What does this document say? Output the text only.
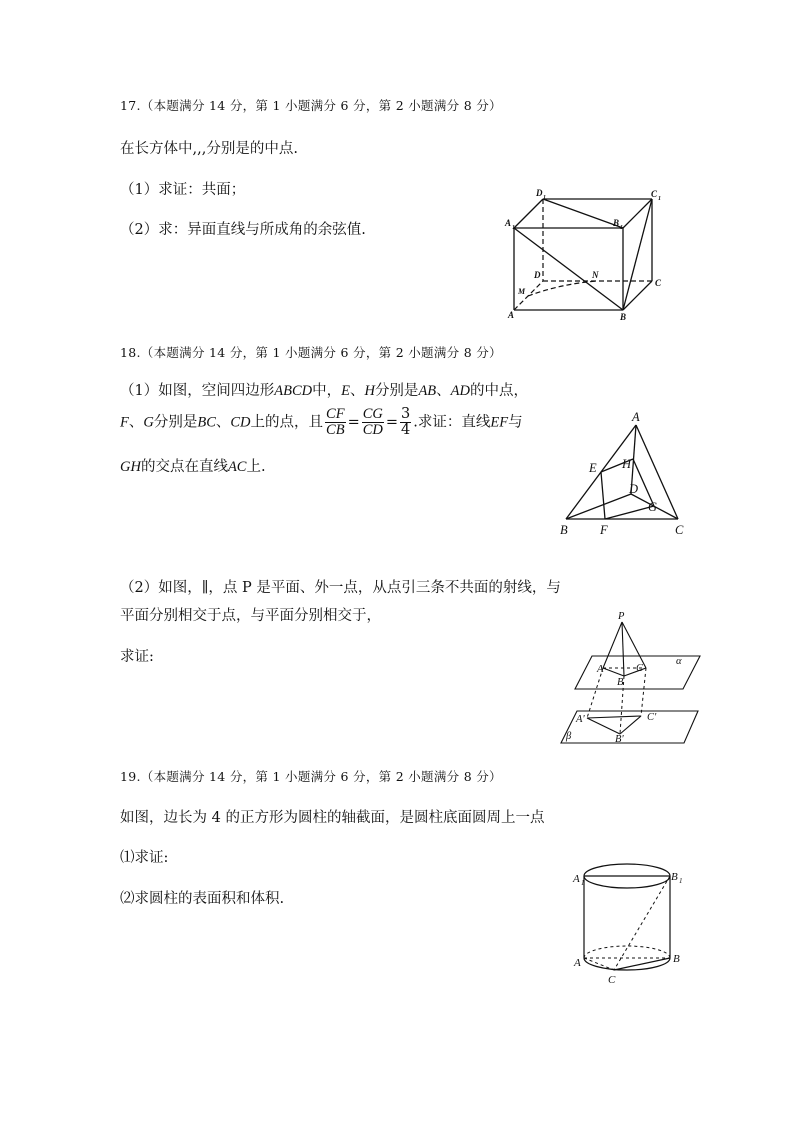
17.（本题满分 14 分，第 1 小题满分 6 分，第 2 小题满分 8 分）
在长方体中,,,分别是的中点.
（1）求证：共面；
（2）求：异面直线与所成角的余弦值.
D 1	C 1
A 1	B 1
D	N
C
M
A	B
18.（本题满分 14 分，第 1 小题满分 6 分，第 2 小题满分 8 分）
（1）如图，空间四边形ABCD中，E、H分别是AB、AD的中点，
F、G分别是BC、CD上的点，且 $\frac{CF}{CB} = \frac{CG}{CD} = \frac{3}{4}$ .求证：直线EF与
GH的交点在直线AC上.
A
E H
D
G
B	F	C
（2）如图，∥，点 P 是平面、外一点，从点引三条不共面的射线，与
平面分别相交于点，与平面分别相交于，
求证:
P
A	C
B
α
A'	C'
B'
β
19.（本题满分 14 分，第 1 小题满分 6 分，第 2 小题满分 8 分）
如图，边长为 4 的正方形为圆柱的轴截面，是圆柱底面圆周上一点
⑴求证:
⑵求圆柱的表面积和体积.
A 1	B 1
A	B
C
